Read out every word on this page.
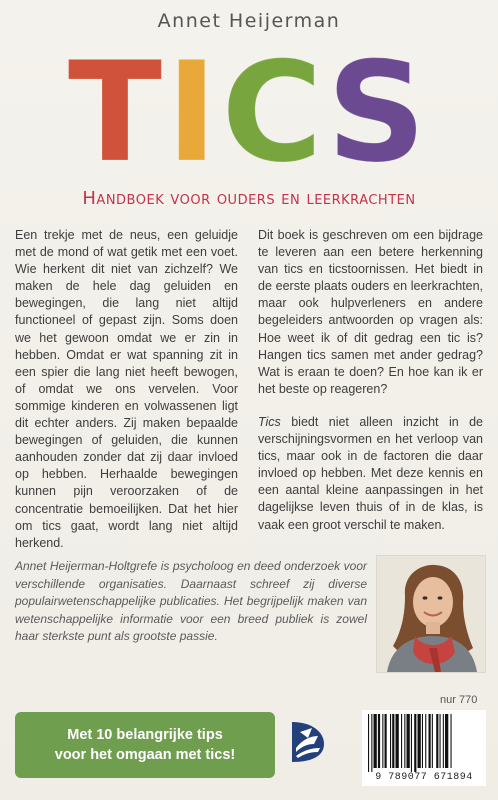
Annet Heijerman
TICS
Handboek voor ouders en leerkrachten

Een trekje met de neus, een geluidje met de mond of wat getik met een voet. Wie herkent dit niet van zichzelf? We maken de hele dag geluiden en bewegingen, die lang niet altijd functioneel of gepast zijn. Soms doen we het gewoon omdat we er zin in hebben. Omdat er wat spanning zit in een spier die lang niet heeft bewogen, of omdat we ons vervelen. Voor sommige kinderen en volwassenen ligt dit echter anders. Zij maken bepaalde bewegingen of geluiden, die kunnen aanhouden zonder dat zij daar invloed op hebben. Herhaalde bewegingen kunnen pijn veroorzaken of de concentratie bemoeilijken. Dat het hier om tics gaat, wordt lang niet altijd herkend.

Dit boek is geschreven om een bijdrage te leveren aan een betere herkenning van tics en ticstoornissen. Het biedt in de eerste plaats ouders en leerkrachten, maar ook hulpverleners en andere begeleiders antwoorden op vragen als: Hoe weet ik of dit gedrag een tic is? Hangen tics samen met ander gedrag? Wat is eraan te doen? En hoe kan ik er het beste op reageren?

Tics biedt niet alleen inzicht in de verschijningsvormen en het verloop van tics, maar ook in de factoren die daar invloed op hebben. Met deze kennis en een aantal kleine aanpassingen in het dagelijkse leven thuis of in de klas, is vaak een groot verschil te maken.

Annet Heijerman-Holtgrefe is psycholoog en deed onderzoek voor verschillende organisaties. Daarnaast schreef zij diverse populairwetenschappelijke publicaties. Het begrijpelijk maken van wetenschappelijke informatie voor een breed publiek is zowel haar sterkste punt als grootste passie.
nur 770
Met 10 belangrijke tips
voor het omgaan met tics!
9 789077 671894
